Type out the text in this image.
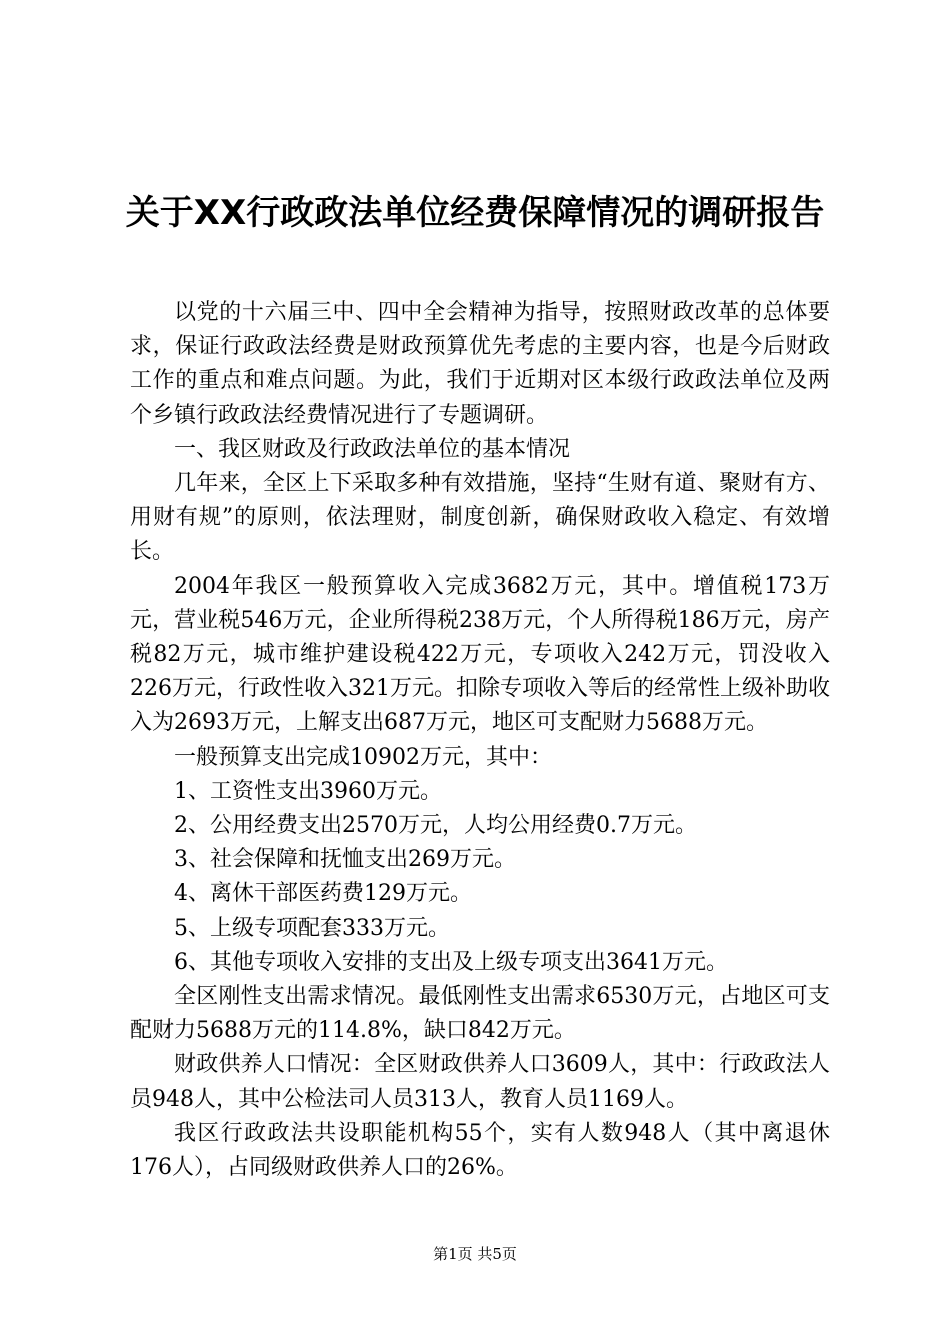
关于XX行政政法单位经费保障情况的调研报告

以党的十六届三中、四中全会精神为指导，按照财政改革的总体要求，保证行政政法经费是财政预算优先考虑的主要内容，也是今后财政工作的重点和难点问题。为此，我们于近期对区本级行政政法单位及两个乡镇行政政法经费情况进行了专题调研。

一、我区财政及行政政法单位的基本情况

几年来，全区上下采取多种有效措施，坚持“生财有道、聚财有方、用财有规”的原则，依法理财，制度创新，确保财政收入稳定、有效增长。

2004年我区一般预算收入完成3682万元，其中。增值税173万元，营业税546万元，企业所得税238万元，个人所得税186万元，房产税82万元，城市维护建设税422万元，专项收入242万元，罚没收入226万元，行政性收入321万元。扣除专项收入等后的经常性上级补助收入为2693万元，上解支出687万元，地区可支配财力5688万元。

一般预算支出完成10902万元，其中：

1、工资性支出3960万元。

2、公用经费支出2570万元，人均公用经费0.7万元。

3、社会保障和抚恤支出269万元。

4、离休干部医药费129万元。

5、上级专项配套333万元。

6、其他专项收入安排的支出及上级专项支出3641万元。

全区刚性支出需求情况。最低刚性支出需求6530万元，占地区可支配财力5688万元的114.8%，缺口842万元。

财政供养人口情况：全区财政供养人口3609人，其中：行政政法人员948人，其中公检法司人员313人，教育人员1169人。

我区行政政法共设职能机构55个，实有人数948人（其中离退休176人），占同级财政供养人口的26%。

第1页 共5页
